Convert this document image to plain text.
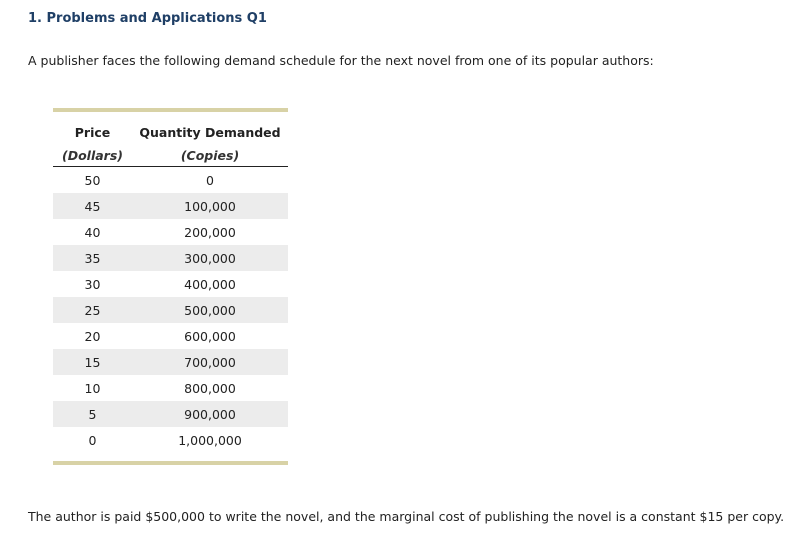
1. Problems and Applications Q1
A publisher faces the following demand schedule for the next novel from one of its popular authors:
Price	Quantity Demanded
(Dollars)	(Copies)
50	0
45	100,000
40	200,000
35	300,000
30	400,000
25	500,000
20	600,000
15	700,000
10	800,000
5	900,000
0	1,000,000
The author is paid $500,000 to write the novel, and the marginal cost of publishing the novel is a constant $15 per copy.
